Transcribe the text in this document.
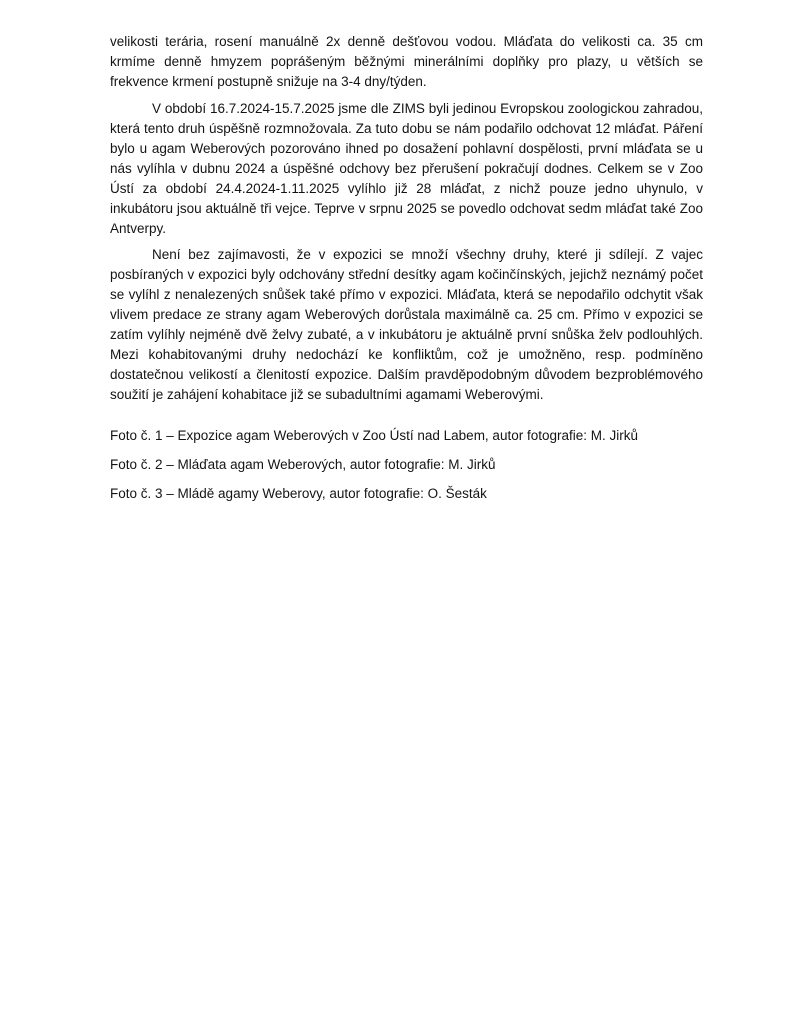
velikosti terária, rosení manuálně 2x denně dešťovou vodou. Mláďata do velikosti ca. 35 cm krmíme denně hmyzem poprášeným běžnými minerálními doplňky pro plazy, u větších se frekvence krmení postupně snižuje na 3-4 dny/týden.

V období 16.7.2024-15.7.2025 jsme dle ZIMS byli jedinou Evropskou zoologickou zahradou, která tento druh úspěšně rozmnožovala. Za tuto dobu se nám podařilo odchovat 12 mláďat. Páření bylo u agam Weberových pozorováno ihned po dosažení pohlavní dospělosti, první mláďata se u nás vylíhla v dubnu 2024 a úspěšné odchovy bez přerušení pokračují dodnes. Celkem se v Zoo Ústí za období 24.4.2024-1.11.2025 vylíhlo již 28 mláďat, z nichž pouze jedno uhynulo, v inkubátoru jsou aktuálně tři vejce. Teprve v srpnu 2025 se povedlo odchovat sedm mláďat také Zoo Antverpy.

Není bez zajímavosti, že v expozici se množí všechny druhy, které ji sdílejí. Z vajec posbíraných v expozici byly odchovány střední desítky agam kočinčínských, jejichž neznámý počet se vylíhl z nenalezených snůšek také přímo v expozici. Mláďata, která se nepodařilo odchytit však vlivem predace ze strany agam Weberových dorůstala maximálně ca. 25 cm. Přímo v expozici se zatím vylíhly nejméně dvě želvy zubaté, a v inkubátoru je aktuálně první snůška želv podlouhlých. Mezi kohabitovanými druhy nedochází ke konfliktům, což je umožněno, resp. podmíněno dostatečnou velikostí a členitostí expozice. Dalším pravděpodobným důvodem bezproblémového soužití je zahájení kohabitace již se subadultními agamami Weberovými.

Foto č. 1 – Expozice agam Weberových v Zoo Ústí nad Labem, autor fotografie: M. Jirků

Foto č. 2 – Mláďata agam Weberových, autor fotografie: M. Jirků

Foto č. 3 – Mládě agamy Weberovy, autor fotografie: O. Šesták
